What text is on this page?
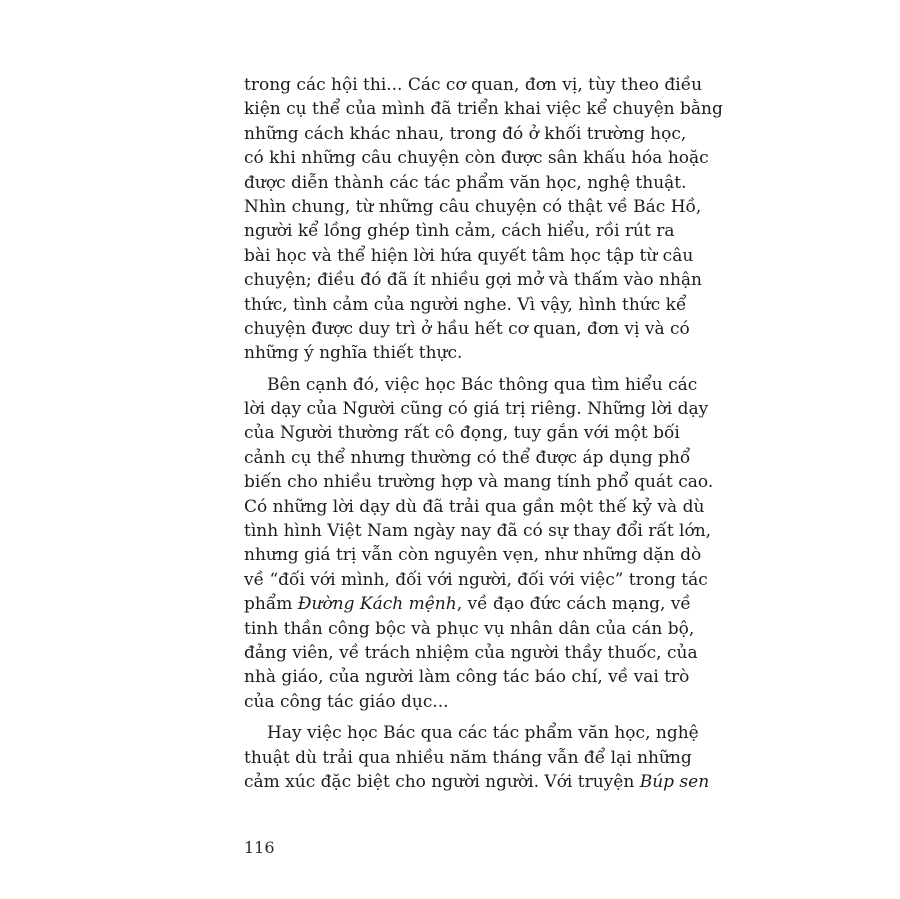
trong các hội thi... Các cơ quan, đơn vị, tùy theo điều
kiện cụ thể của mình đã triển khai việc kể chuyện bằng
những cách khác nhau, trong đó ở khối trường học,
có khi những câu chuyện còn được sân khấu hóa hoặc
được diễn thành các tác phẩm văn học, nghệ thuật.
Nhìn chung, từ những câu chuyện có thật về Bác Hồ,
người kể lồng ghép tình cảm, cách hiểu, rồi rút ra
bài học và thể hiện lời hứa quyết tâm học tập từ câu
chuyện; điều đó đã ít nhiều gợi mở và thấm vào nhận
thức, tình cảm của người nghe. Vì vậy, hình thức kể
chuyện được duy trì ở hầu hết cơ quan, đơn vị và có
những ý nghĩa thiết thực.
Bên cạnh đó, việc học Bác thông qua tìm hiểu các
lời dạy của Người cũng có giá trị riêng. Những lời dạy
của Người thường rất cô đọng, tuy gắn với một bối
cảnh cụ thể nhưng thường có thể được áp dụng phổ
biến cho nhiều trường hợp và mang tính phổ quát cao.
Có những lời dạy dù đã trải qua gần một thế kỷ và dù
tình hình Việt Nam ngày nay đã có sự thay đổi rất lớn,
nhưng giá trị vẫn còn nguyên vẹn, như những dặn dò
về “đối với mình, đối với người, đối với việc” trong tác
phẩm Đường Kách mệnh, về đạo đức cách mạng, về
tinh thần công bộc và phục vụ nhân dân của cán bộ,
đảng viên, về trách nhiệm của người thầy thuốc, của
nhà giáo, của người làm công tác báo chí, về vai trò
của công tác giáo dục...
Hay việc học Bác qua các tác phẩm văn học, nghệ
thuật dù trải qua nhiều năm tháng vẫn để lại những
cảm xúc đặc biệt cho người người. Với truyện Búp sen
116
